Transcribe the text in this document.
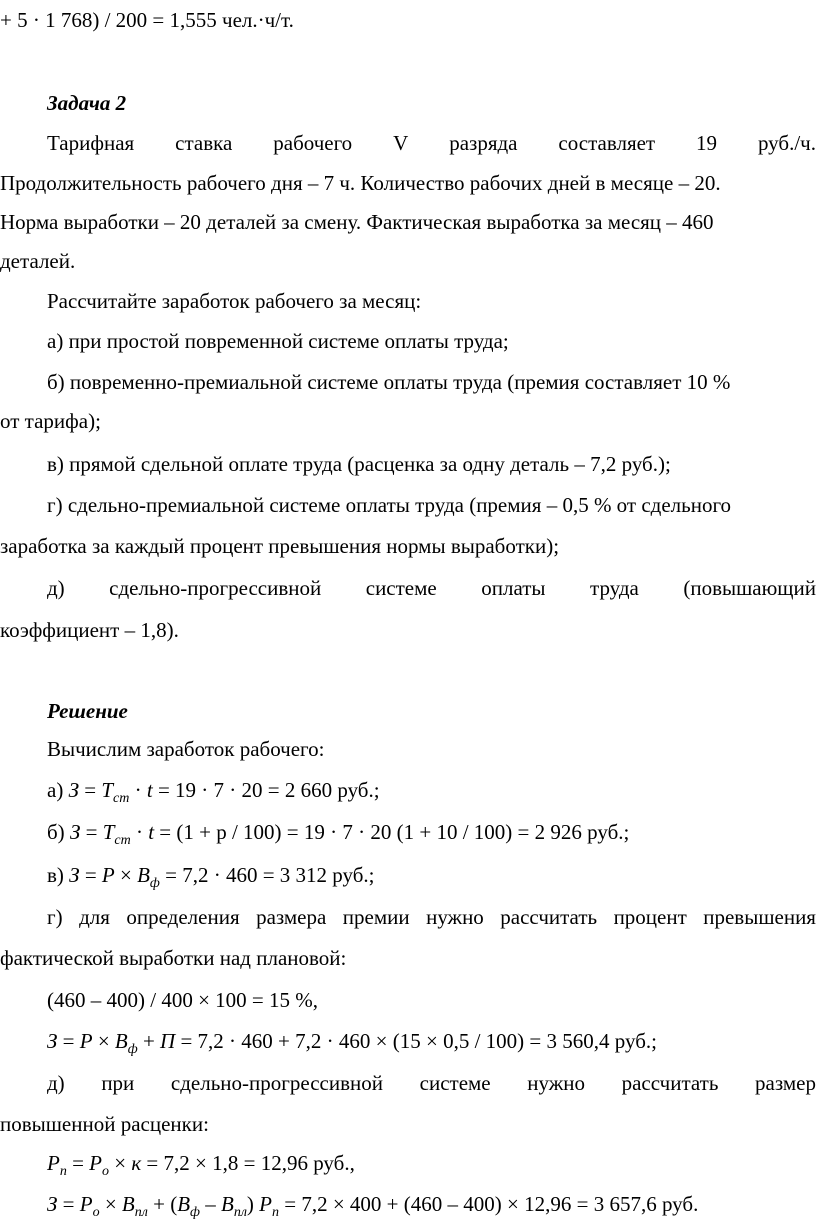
+ 5 · 1 768) / 200 = 1,555 чел.·ч/т.
Задача 2
Тарифная ставка рабочего V разряда составляет 19 руб./ч.
Продолжительность рабочего дня – 7 ч. Количество рабочих дней в месяце – 20.
Норма выработки – 20 деталей за смену. Фактическая выработка за месяц – 460
деталей.
Рассчитайте заработок рабочего за месяц:
а) при простой повременной системе оплаты труда;
б) повременно-премиальной системе оплаты труда (премия составляет 10 %
от тарифа);
в) прямой сдельной оплате труда (расценка за одну деталь – 7,2 руб.);
г) сдельно-премиальной системе оплаты труда (премия – 0,5 % от сдельного
заработка за каждый процент превышения нормы выработки);
д) сдельно-прогрессивной системе оплаты труда (повышающий
коэффициент – 1,8).
Решение
Вычислим заработок рабочего:
а) $З = Т_{ст} \cdot t = 19 \cdot 7 \cdot 20 = 2$ 660 руб.;
б) $З = Т_{ст} \cdot t = (1 + р / 100) = 19 \cdot 7 \cdot 20$ (1 + 10 / 100) = 2 926 руб.;
в) $З = Р \times В_ф = 7,2 \cdot 460 = 3$ 312 руб.;
г) для определения размера премии нужно рассчитать процент превышения
фактической выработки над плановой:
(460 – 400) / 400 × 100 = 15 %,
$З = Р \times В_ф + П = 7,2 \cdot 460 + 7,2 \cdot 460 \times (15 \times 0,5 / 100) = 3$ 560,4 руб.;
д) при сдельно-прогрессивной системе нужно рассчитать размер
повышенной расценки:
$Р_п = Р_о \times к = 7,2 \times 1,8 = 12,96$ руб.,
$З = Р_о \times В_{пл} + (В_ф - В_{пл}) Р_п = 7,2 \times 400 + (460 - 400) \times 12,96 = 3$ 657,6 руб.
